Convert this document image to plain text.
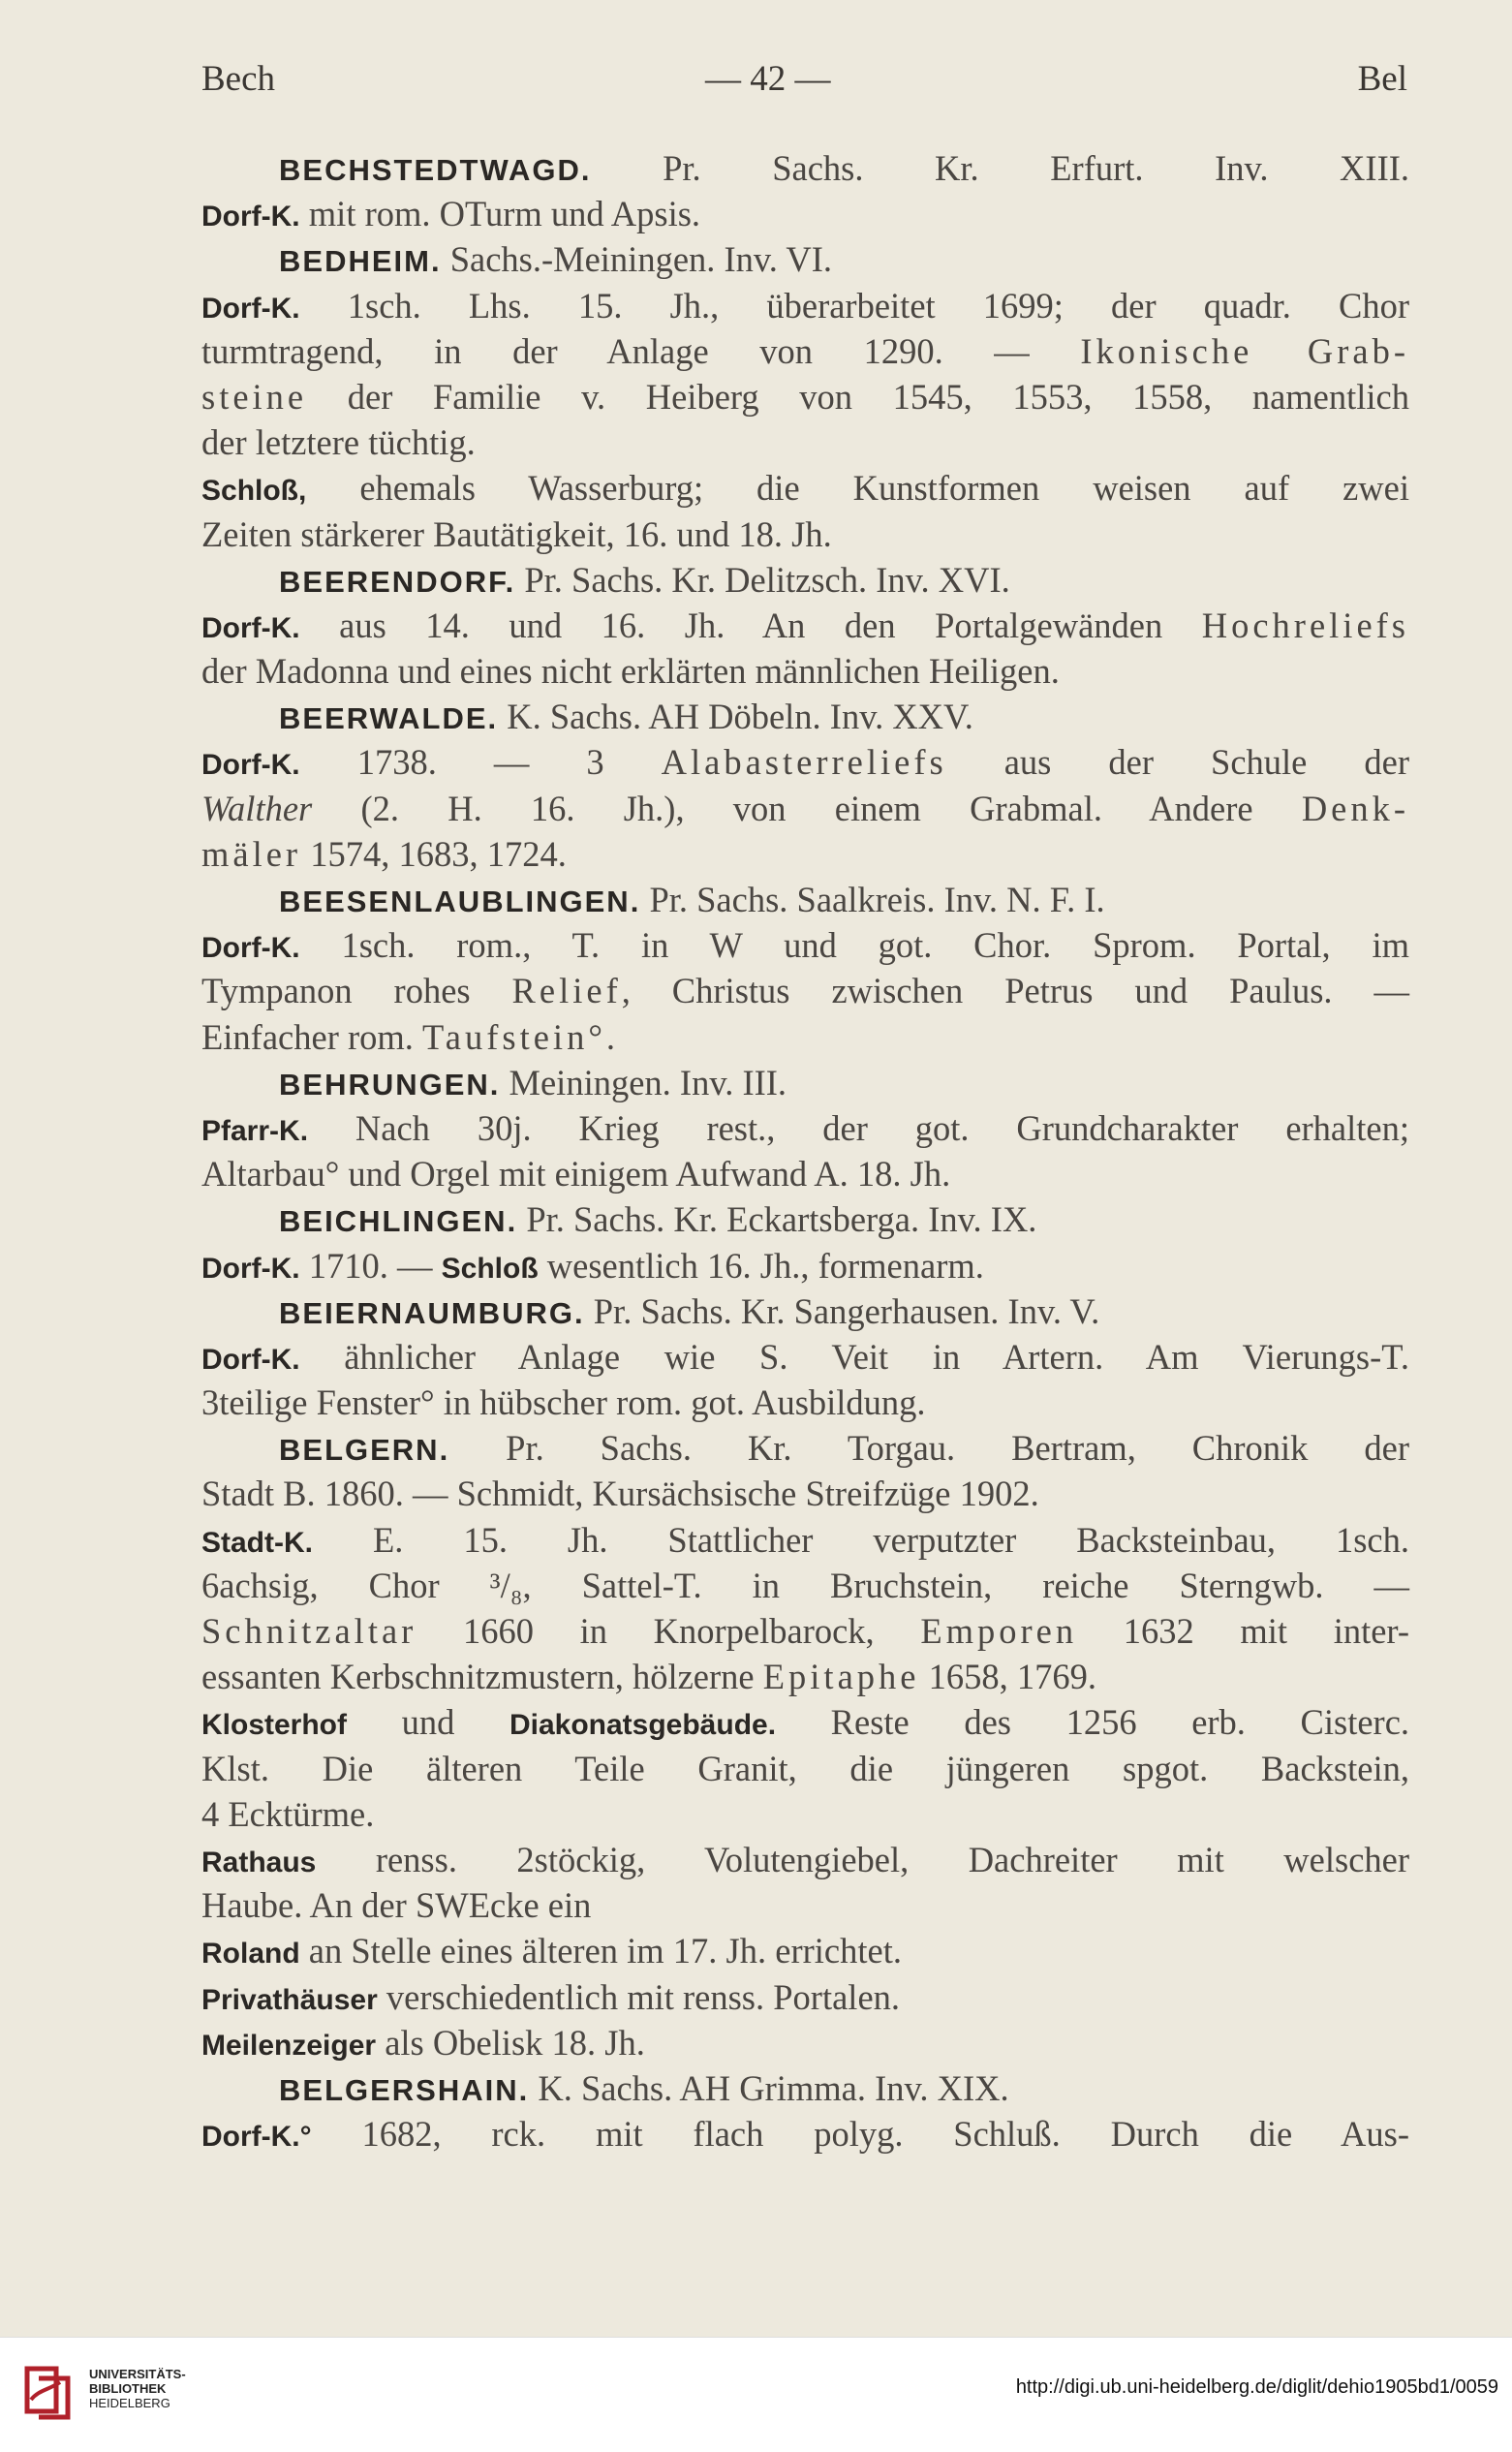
Bech	— 42 —	Bel
BECHSTEDTWAGD. Pr. Sachs. Kr. Erfurt. Inv. XIII.
Dorf-K. mit rom. OTurm und Apsis.
BEDHEIM. Sachs.-Meiningen. Inv. VI.
Dorf-K. 1sch. Lhs. 15. Jh., überarbeitet 1699; der quadr. Chor
turmtragend, in der Anlage von 1290. — Ikonische Grab-
steine der Familie v. Heiberg von 1545, 1553, 1558, namentlich
der letztere tüchtig.
Schloß, ehemals Wasserburg; die Kunstformen weisen auf zwei
Zeiten stärkerer Bautätigkeit, 16. und 18. Jh.
BEERENDORF. Pr. Sachs. Kr. Delitzsch. Inv. XVI.
Dorf-K. aus 14. und 16. Jh. An den Portalgewänden Hochreliefs
der Madonna und eines nicht erklärten männlichen Heiligen.
BEERWALDE. K. Sachs. AH Döbeln. Inv. XXV.
Dorf-K. 1738. — 3 Alabasterreliefs aus der Schule der
Walther (2. H. 16. Jh.), von einem Grabmal. Andere Denk-
mäler 1574, 1683, 1724.
BEESENLAUBLINGEN. Pr. Sachs. Saalkreis. Inv. N. F. I.
Dorf-K. 1sch. rom., T. in W und got. Chor. Sprom. Portal, im
Tympanon rohes Relief, Christus zwischen Petrus und Paulus. —
Einfacher rom. Taufstein°.
BEHRUNGEN. Meiningen. Inv. III.
Pfarr-K. Nach 30j. Krieg rest., der got. Grundcharakter erhalten;
Altarbau° und Orgel mit einigem Aufwand A. 18. Jh.
BEICHLINGEN. Pr. Sachs. Kr. Eckartsberga. Inv. IX.
Dorf-K. 1710. — Schloß wesentlich 16. Jh., formenarm.
BEIERNAUMBURG. Pr. Sachs. Kr. Sangerhausen. Inv. V.
Dorf-K. ähnlicher Anlage wie S. Veit in Artern. Am Vierungs-T.
3teilige Fenster° in hübscher rom. got. Ausbildung.
BELGERN. Pr. Sachs. Kr. Torgau. Bertram, Chronik der
Stadt B. 1860. — Schmidt, Kursächsische Streifzüge 1902.
Stadt-K. E. 15. Jh. Stattlicher verputzter Backsteinbau, 1sch.
6achsig, Chor ³/₈, Sattel-T. in Bruchstein, reiche Sterngwb. —
Schnitzaltar 1660 in Knorpelbarock, Emporen 1632 mit inter-
essanten Kerbschnitzmustern, hölzerne Epitaphe 1658, 1769.
Klosterhof und Diakonatsgebäude. Reste des 1256 erb. Cisterc.
Klst. Die älteren Teile Granit, die jüngeren spgot. Backstein,
4 Ecktürme.
Rathaus renss. 2stöckig, Volutengiebel, Dachreiter mit welscher
Haube. An der SWEcke ein
Roland an Stelle eines älteren im 17. Jh. errichtet.
Privathäuser verschiedentlich mit renss. Portalen.
Meilenzeiger als Obelisk 18. Jh.
BELGERSHAIN. K. Sachs. AH Grimma. Inv. XIX.
Dorf-K.° 1682, rck. mit flach polyg. Schluß. Durch die Aus-
UNIVERSITÄTS-
BIBLIOTHEK
HEIDELBERG
http://digi.ub.uni-heidelberg.de/diglit/dehio1905bd1/0059
